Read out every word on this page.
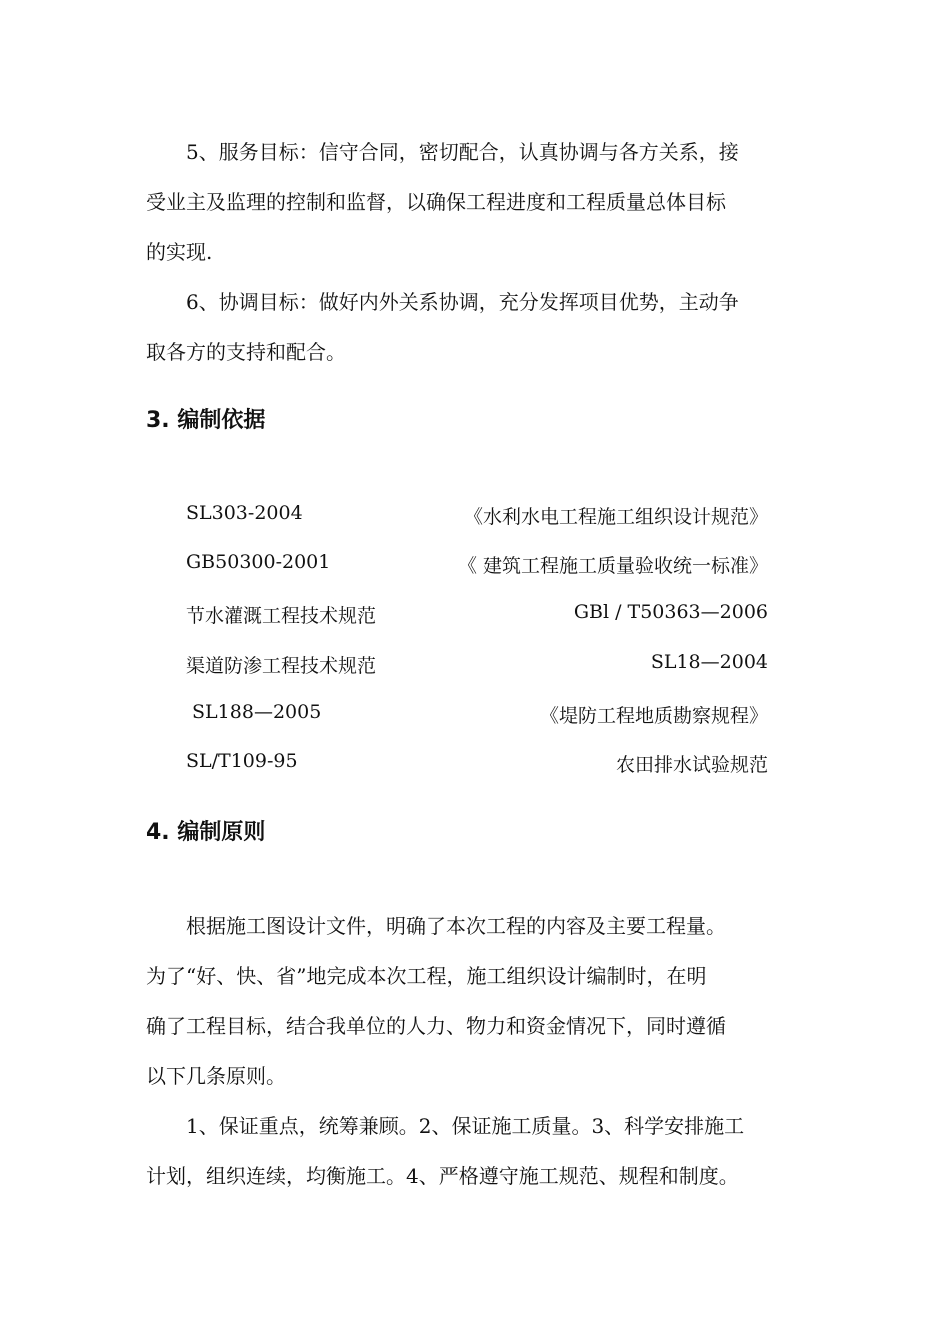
5、服务目标：信守合同，密切配合，认真协调与各方关系，接
受业主及监理的控制和监督，以确保工程进度和工程质量总体目标
的实现.
6、协调目标：做好内外关系协调，充分发挥项目优势，主动争
取各方的支持和配合。
3. 编制依据
SL303-2004	《水利水电工程施工组织设计规范》
GB50300-2001	《 建筑工程施工质量验收统一标准》
节水灌溉工程技术规范	GBl / T50363—2006
渠道防渗工程技术规范	SL18—2004
SL188—2005	《堤防工程地质勘察规程》
SL/T109-95	农田排水试验规范
4. 编制原则
根据施工图设计文件，明确了本次工程的内容及主要工程量。
为了“好、快、省”地完成本次工程，施工组织设计编制时，在明
确了工程目标，结合我单位的人力、物力和资金情况下，同时遵循
以下几条原则。
1、保证重点，统筹兼顾。2、保证施工质量。3、科学安排施工
计划，组织连续，均衡施工。4、严格遵守施工规范、规程和制度。
